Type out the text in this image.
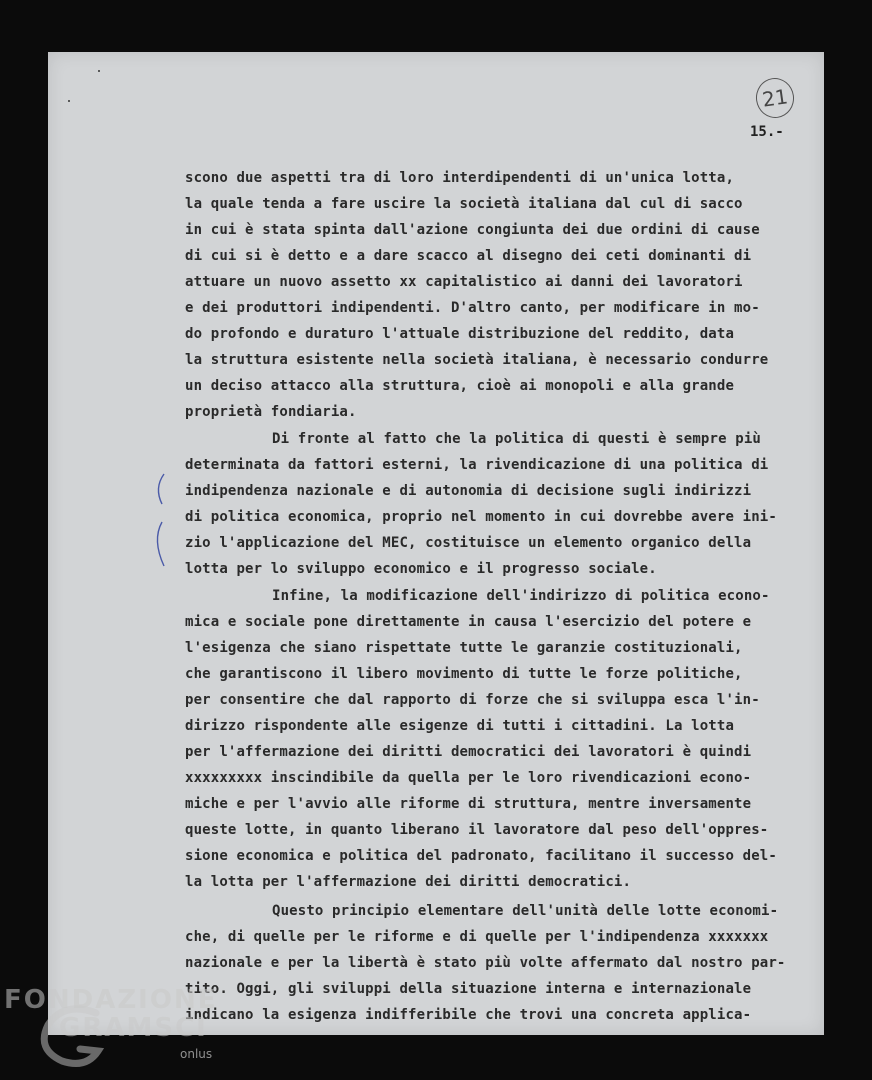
21
15.-
scono due aspetti tra di loro interdipendenti di un'unica lotta,
la quale tenda a fare uscire la società italiana dal cul di sacco
in cui è stata spinta dall'azione congiunta dei due ordini di cause
di cui si è detto e a dare scacco al disegno dei ceti dominanti di
attuare un nuovo assetto xx capitalistico ai danni dei lavoratori
e dei produttori indipendenti. D'altro canto, per modificare in mo-
do profondo e duraturo l'attuale distribuzione del reddito, data
la struttura esistente nella società italiana, è necessario condurre
un deciso attacco alla struttura, cioè ai monopoli e alla grande
proprietà fondiaria.
Di fronte al fatto che la politica di questi è sempre più
determinata da fattori esterni, la rivendicazione di una politica di
indipendenza nazionale e di autonomia di decisione sugli indirizzi
di politica economica, proprio nel momento in cui dovrebbe avere ini-
zio l'applicazione del MEC, costituisce un elemento organico della
lotta per lo sviluppo economico e il progresso sociale.
Infine, la modificazione dell'indirizzo di politica econo-
mica e sociale pone direttamente in causa l'esercizio del potere e
l'esigenza che siano rispettate tutte le garanzie costituzionali,
che garantiscono il libero movimento di tutte le forze politiche,
per consentire che dal rapporto di forze che si sviluppa esca l'in-
dirizzo rispondente alle esigenze di tutti i cittadini. La lotta
per l'affermazione dei diritti democratici dei lavoratori è quindi
xxxxxxxxx inscindibile da quella per le loro rivendicazioni econo-
miche e per l'avvio alle riforme di struttura, mentre inversamente
queste lotte, in quanto liberano il lavoratore dal peso dell'oppres-
sione economica e politica del padronato, facilitano il successo del-
la lotta per l'affermazione dei diritti democratici.
Questo principio elementare dell'unità delle lotte economi-
che, di quelle per le riforme e di quelle per l'indipendenza xxxxxxx
nazionale e per la libertà è stato più volte affermato dal nostro par-
tito. Oggi, gli sviluppi della situazione interna e internazionale
indicano la esigenza indifferibile che trovi una concreta applica-
FONDAZIONE
GRAMSCI
onlus
